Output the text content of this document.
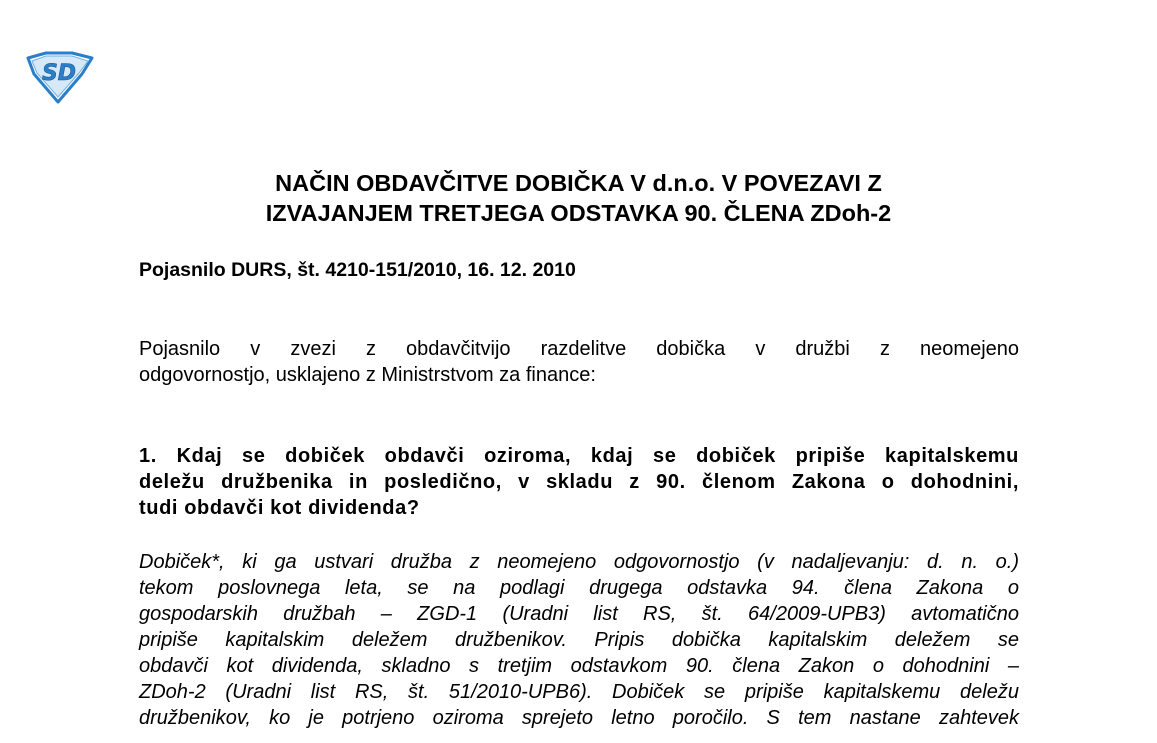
SD
NAČIN OBDAVČITVE DOBIČKA V d.n.o. V POVEZAVI Z
IZVAJANJEM TRETJEGA ODSTAVKA 90. ČLENA ZDoh-2

Pojasnilo DURS, št. 4210-151/2010, 16. 12. 2010

Pojasnilo v zvezi z obdavčitvijo razdelitve dobička v družbi z neomejeno
odgovornostjo, usklajeno z Ministrstvom za finance:

1. Kdaj se dobiček obdavči oziroma, kdaj se dobiček pripiše kapitalskemu
deležu družbenika in posledično, v skladu z 90. členom Zakona o dohodnini,
tudi obdavči kot dividenda?

Dobiček*, ki ga ustvari družba z neomejeno odgovornostjo (v nadaljevanju: d. n. o.)
tekom poslovnega leta, se na podlagi drugega odstavka 94. člena Zakona o
gospodarskih družbah – ZGD-1 (Uradni list RS, št. 64/2009-UPB3) avtomatično
pripiše kapitalskim deležem družbenikov. Pripis dobička kapitalskim deležem se
obdavči kot dividenda, skladno s tretjim odstavkom 90. člena Zakon o dohodnini –
ZDoh-2 (Uradni list RS, št. 51/2010-UPB6). Dobiček se pripiše kapitalskemu deležu
družbenikov, ko je potrjeno oziroma sprejeto letno poročilo. S tem nastane zahtevek
